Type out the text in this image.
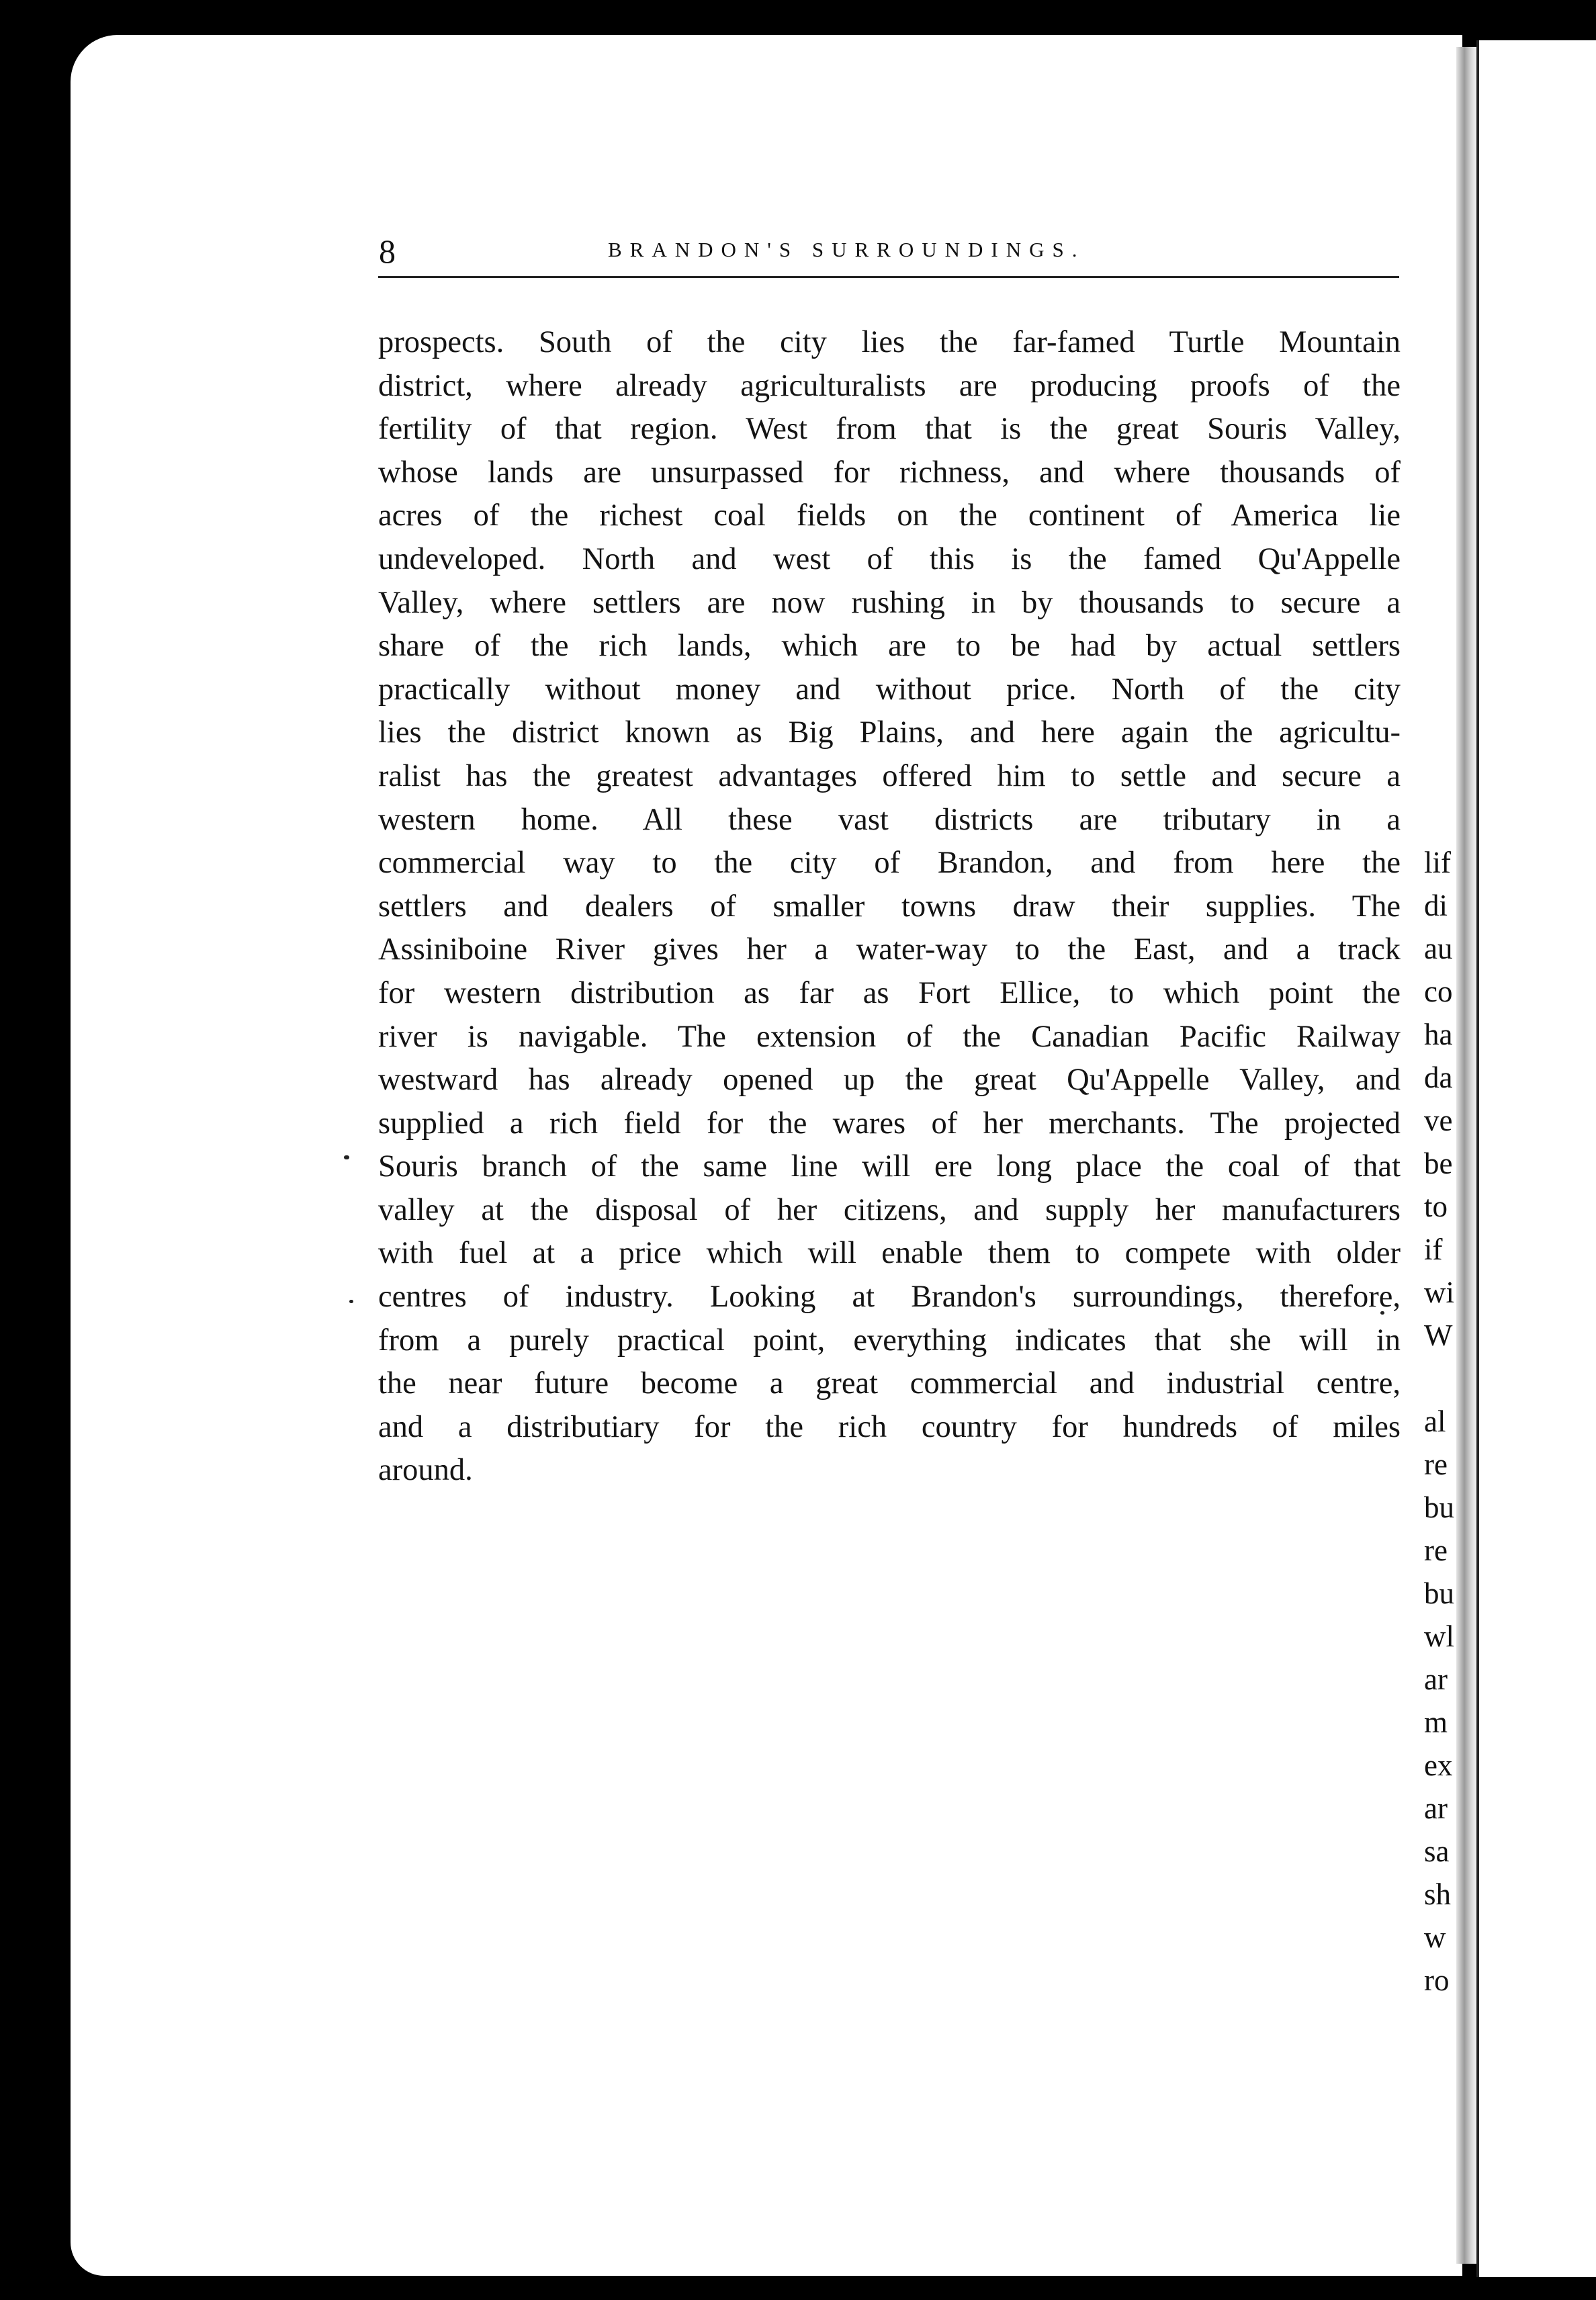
8	BRANDON'S SURROUNDINGS.
prospects. South of the city lies the far-famed Turtle Mountain
district, where already agriculturalists are producing proofs of the
fertility of that region. West from that is the great Souris Valley,
whose lands are unsurpassed for richness, and where thousands of
acres of the richest coal fields on the continent of America lie
undeveloped. North and west of this is the famed Qu'Appelle
Valley, where settlers are now rushing in by thousands to secure a
share of the rich lands, which are to be had by actual settlers
practically without money and without price. North of the city
lies the district known as Big Plains, and here again the agricultu-
ralist has the greatest advantages offered him to settle and secure a
western home. All these vast districts are tributary in a
commercial way to the city of Brandon, and from here the
settlers and dealers of smaller towns draw their supplies. The
Assiniboine River gives her a water-way to the East, and a track
for western distribution as far as Fort Ellice, to which point the
river is navigable. The extension of the Canadian Pacific Railway
westward has already opened up the great Qu'Appelle Valley, and
supplied a rich field for the wares of her merchants. The projected
Souris branch of the same line will ere long place the coal of that
valley at the disposal of her citizens, and supply her manufacturers
with fuel at a price which will enable them to compete with older
centres of industry. Looking at Brandon's surroundings, therefore,
from a purely practical point, everything indicates that she will in
the near future become a great commercial and industrial centre,
and a distributiary for the rich country for hundreds of miles
around.
lif
di
au
co
ha
da
ve
be
to
if
wi
W
al
re
bu
re
bu
wl
ar
m
ex
ar
sa
sh
w
ro
